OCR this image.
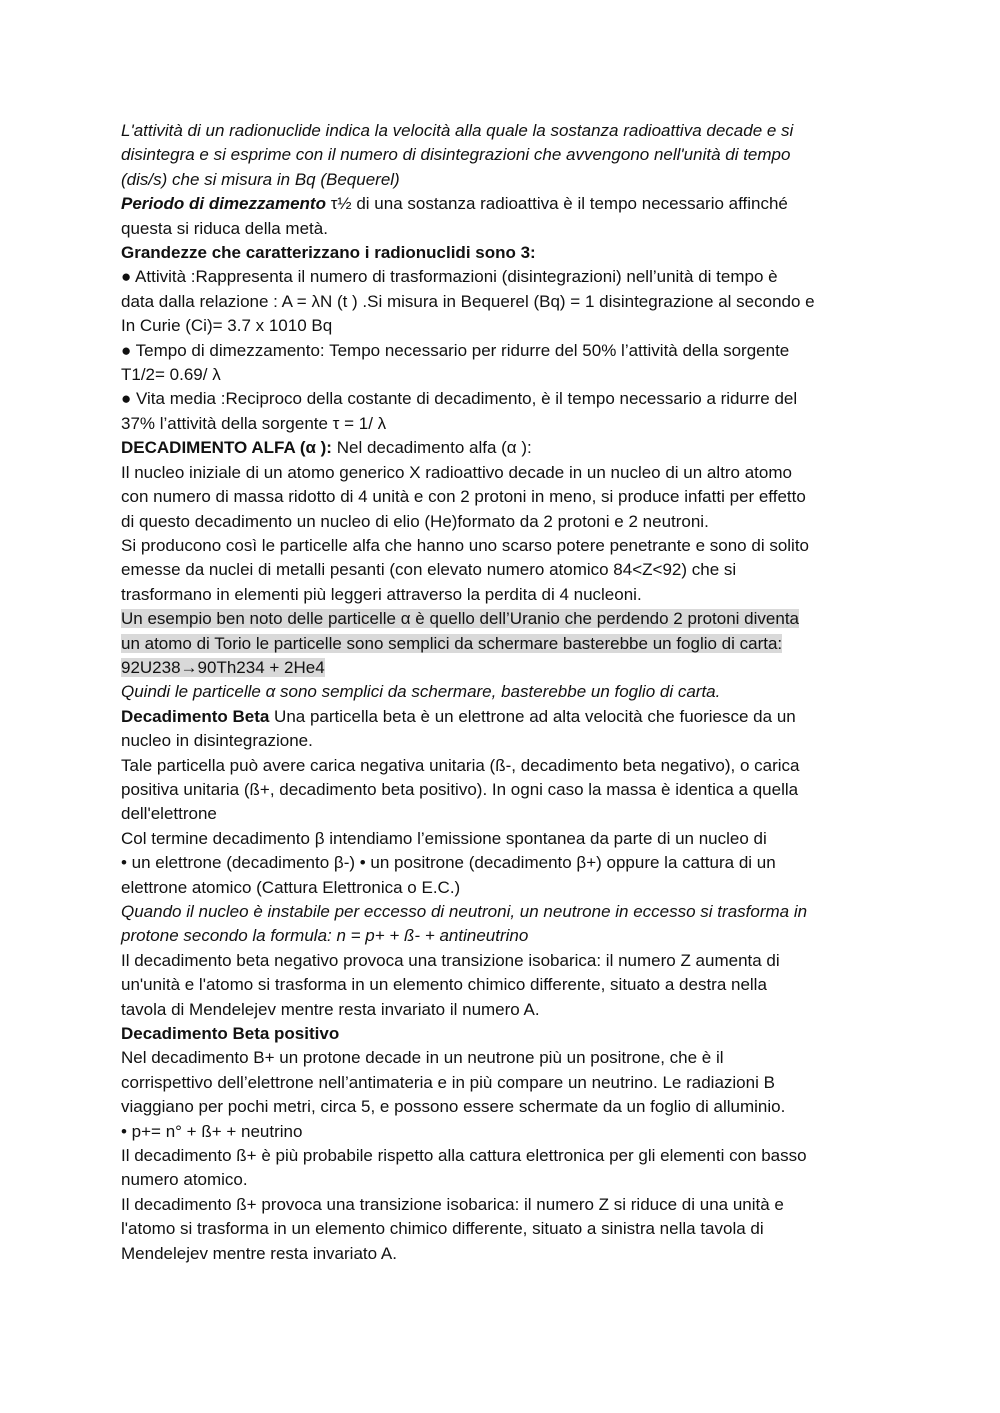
L'attività di un radionuclide indica la velocità alla quale la sostanza radioattiva decade e si
disintegra e si esprime con il numero di disintegrazioni che avvengono nell'unità di tempo
(dis/s) che si misura in Bq (Bequerel)
Periodo di dimezzamento τ½ di una sostanza radioattiva è il tempo necessario affinché
questa si riduca della metà.
Grandezze che caratterizzano i radionuclidi sono 3:
● Attività :Rappresenta il numero di trasformazioni (disintegrazioni) nell’unità di tempo è
data dalla relazione : A = λN (t ) .Si misura in Bequerel (Bq) = 1 disintegrazione al secondo e
In Curie (Ci)= 3.7 x 1010 Bq
● Tempo di dimezzamento: Tempo necessario per ridurre del 50% l’attività della sorgente
T1/2= 0.69/ λ
● Vita media :Reciproco della costante di decadimento, è il tempo necessario a ridurre del
37% l’attività della sorgente τ = 1/ λ
DECADIMENTO ALFA (α ): Nel decadimento alfa (α ):
Il nucleo iniziale di un atomo generico X radioattivo decade in un nucleo di un altro atomo
con numero di massa ridotto di 4 unità e con 2 protoni in meno, si produce infatti per effetto
di questo decadimento un nucleo di elio (He)formato da 2 protoni e 2 neutroni.
Si producono così le particelle alfa che hanno uno scarso potere penetrante e sono di solito
emesse da nuclei di metalli pesanti (con elevato numero atomico 84<Z<92) che si
trasformano in elementi più leggeri attraverso la perdita di 4 nucleoni.
Un esempio ben noto delle particelle α è quello dell’Uranio che perdendo 2 protoni diventa
un atomo di Torio le particelle sono semplici da schermare basterebbe un foglio di carta:
92U238→90Th234 + 2He4
Quindi le particelle α sono semplici da schermare, basterebbe un foglio di carta.
Decadimento Beta Una particella beta è un elettrone ad alta velocità che fuoriesce da un
nucleo in disintegrazione.
Tale particella può avere carica negativa unitaria (ß-, decadimento beta negativo), o carica
positiva unitaria (ß+, decadimento beta positivo). In ogni caso la massa è identica a quella
dell'elettrone
Col termine decadimento β intendiamo l’emissione spontanea da parte di un nucleo di
• un elettrone (decadimento β-) • un positrone (decadimento β+) oppure la cattura di un
elettrone atomico (Cattura Elettronica o E.C.)
Quando il nucleo è instabile per eccesso di neutroni, un neutrone in eccesso si trasforma in
protone secondo la formula: n = p+ + ß- + antineutrino
Il decadimento beta negativo provoca una transizione isobarica: il numero Z aumenta di
un'unità e l'atomo si trasforma in un elemento chimico differente, situato a destra nella
tavola di Mendelejev mentre resta invariato il numero A.
Decadimento Beta positivo
Nel decadimento B+ un protone decade in un neutrone più un positrone, che è il
corrispettivo dell’elettrone nell’antimateria e in più compare un neutrino. Le radiazioni B
viaggiano per pochi metri, circa 5, e possono essere schermate da un foglio di alluminio.
• p+= n° + ß+ + neutrino
Il decadimento ß+ è più probabile rispetto alla cattura elettronica per gli elementi con basso
numero atomico.
Il decadimento ß+ provoca una transizione isobarica: il numero Z si riduce di una unità e
l'atomo si trasforma in un elemento chimico differente, situato a sinistra nella tavola di
Mendelejev mentre resta invariato A.
